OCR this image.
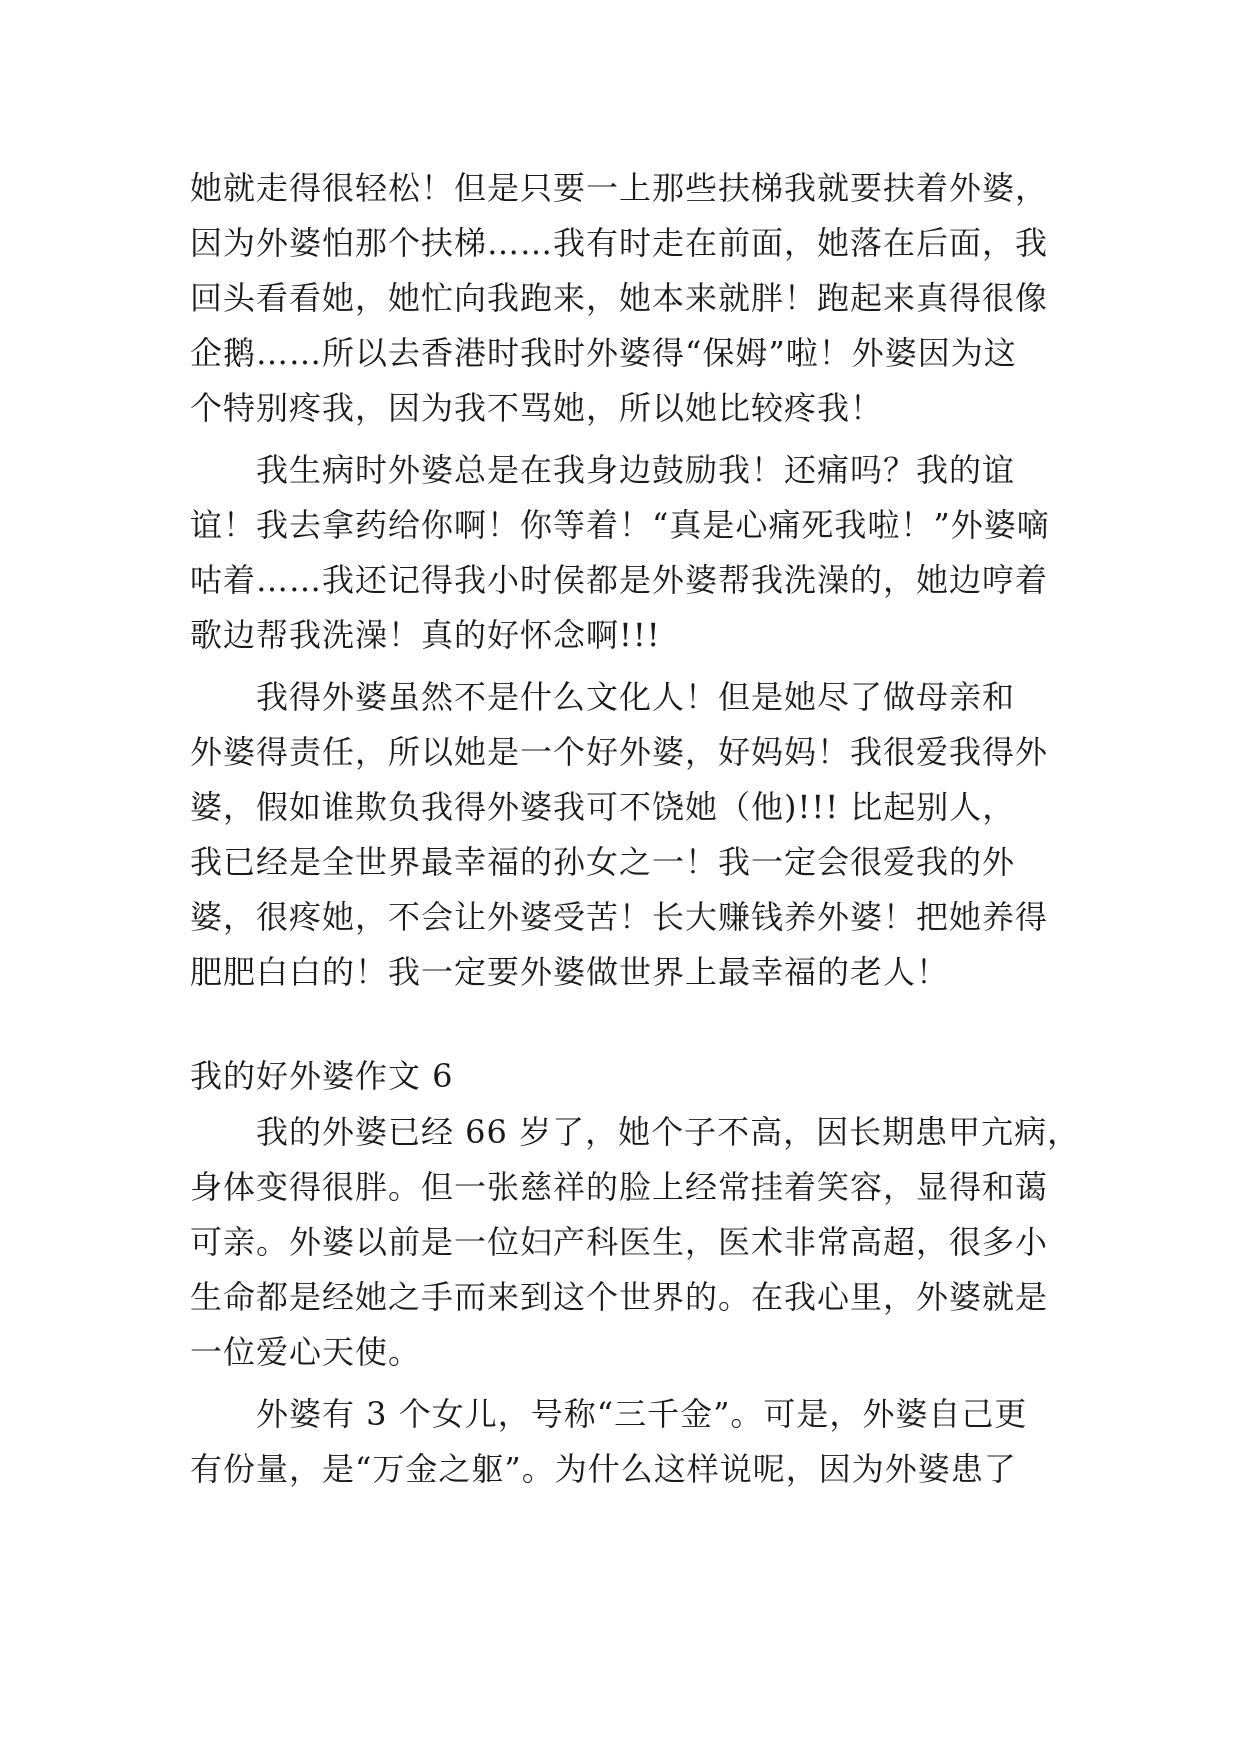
她就走得很轻松！但是只要一上那些扶梯我就要扶着外婆，
因为外婆怕那个扶梯……我有时走在前面，她落在后面，我
回头看看她，她忙向我跑来，她本来就胖！跑起来真得很像
企鹅……所以去香港时我时外婆得“保姆”啦！外婆因为这
个特别疼我，因为我不骂她，所以她比较疼我！
我生病时外婆总是在我身边鼓励我！还痛吗？我的谊
谊！我去拿药给你啊！你等着！“真是心痛死我啦！”外婆嘀
咕着……我还记得我小时侯都是外婆帮我洗澡的，她边哼着
歌边帮我洗澡！真的好怀念啊!!!
我得外婆虽然不是什么文化人！但是她尽了做母亲和
外婆得责任，所以她是一个好外婆，好妈妈！我很爱我得外
婆，假如谁欺负我得外婆我可不饶她（他)!!! 比起别人，
我已经是全世界最幸福的孙女之一！我一定会很爱我的外
婆，很疼她，不会让外婆受苦！长大赚钱养外婆！把她养得
肥肥白白的！我一定要外婆做世界上最幸福的老人！
我的好外婆作文 6
我的外婆已经 66 岁了，她个子不高，因长期患甲亢病，
身体变得很胖。但一张慈祥的脸上经常挂着笑容，显得和蔼
可亲。外婆以前是一位妇产科医生，医术非常高超，很多小
生命都是经她之手而来到这个世界的。在我心里，外婆就是
一位爱心天使。
外婆有 3 个女儿，号称“三千金”。可是，外婆自己更
有份量，是“万金之躯”。为什么这样说呢，因为外婆患了
